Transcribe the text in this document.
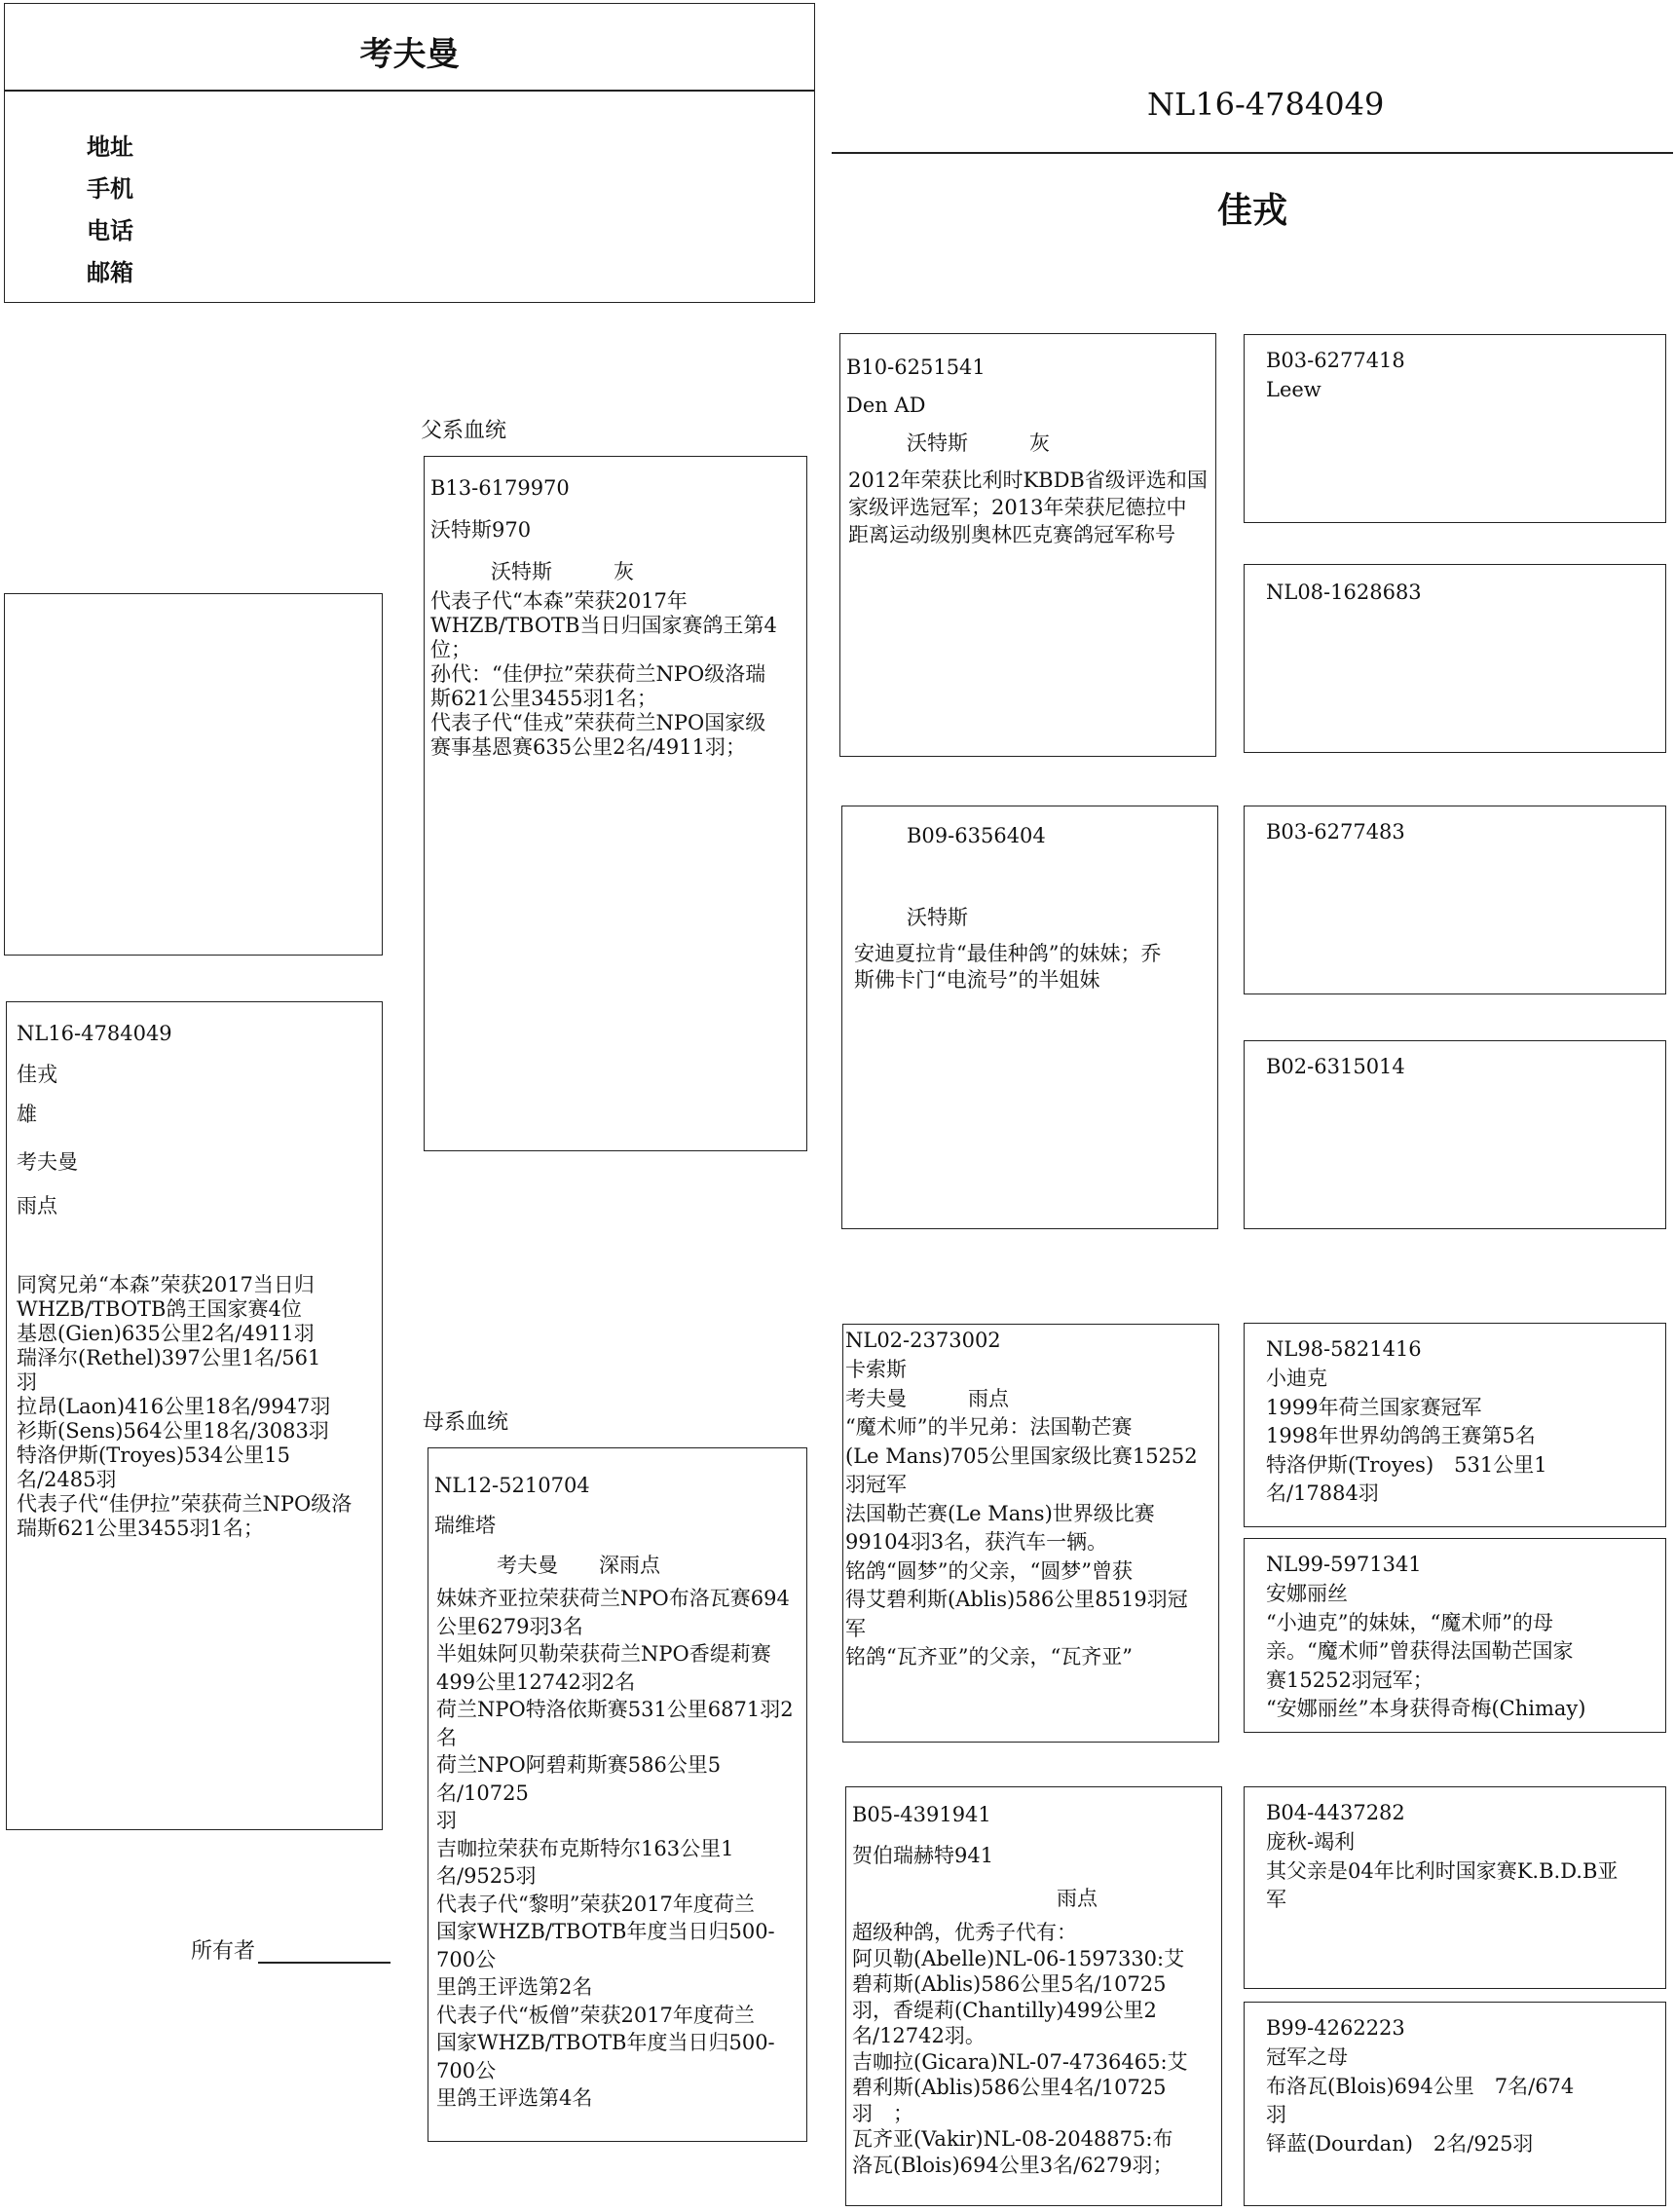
考夫曼
地址
手机
电话
邮箱
NL16-4784049
佳戎
NL16-4784049
佳戎
雄
考夫曼
雨点
同窝兄弟“本森”荣获2017当日归
WHZB/TBOTB鸽王国家赛4位
基恩(Gien)635公里2名/4911羽
瑞泽尔(Rethel)397公里1名/561
羽
拉昂(Laon)416公里18名/9947羽
衫斯(Sens)564公里18名/3083羽
特洛伊斯(Troyes)534公里15
名/2485羽
代表子代“佳伊拉”荣获荷兰NPO级洛
瑞斯621公里3455羽1名；
所有者
父系血统
母系血统
B13-6179970
沃特斯970
沃特斯　　　灰
代表子代“本森”荣获2017年
WHZB/TBOTB当日归国家赛鸽王第4位；
孙代：“佳伊拉”荣获荷兰NPO级洛瑞
斯621公里3455羽1名；
代表子代“佳戎”荣获荷兰NPO国家级
赛事基恩赛635公里2名/4911羽；
NL12-5210704
瑞维塔
考夫曼　　深雨点
妹妹齐亚拉荣获荷兰NPO布洛瓦赛694
公里6279羽3名
半姐妹阿贝勒荣获荷兰NPO香缇莉赛
499公里12742羽2名
荷兰NPO特洛依斯赛531公里6871羽2名
荷兰NPO阿碧莉斯赛586公里5名/10725
羽
吉咖拉荣获布克斯特尔163公里1
名/9525羽
代表子代“黎明”荣获2017年度荷兰
国家WHZB/TBOTB年度当日归500-700公
里鸽王评选第2名
代表子代“板僧”荣获2017年度荷兰
国家WHZB/TBOTB年度当日归500-700公
里鸽王评选第4名
B10-6251541
Den AD
沃特斯　　　灰
2012年荣获比利时KBDB省级评选和国
家级评选冠军；2013年荣获尼德拉中
距离运动级别奥林匹克赛鸽冠军称号
B09-6356404
沃特斯
安迪夏拉肯“最佳种鸽”的妹妹；乔
斯佛卡门“电流号”的半姐妹
NL02-2373002
卡索斯
考夫曼　　　雨点
“魔术师”的半兄弟：法国勒芒赛
(Le Mans)705公里国家级比赛15252
羽冠军
法国勒芒赛(Le Mans)世界级比赛
99104羽3名，获汽车一辆。
铭鸽“圆梦”的父亲，“圆梦”曾获
得艾碧利斯(Ablis)586公里8519羽冠
军
铭鸽“瓦齐亚”的父亲，“瓦齐亚”
B05-4391941
贺伯瑞赫特941
雨点
超级种鸽，优秀子代有：
阿贝勒(Abelle)NL-06-1597330:艾
碧莉斯(Ablis)586公里5名/10725
羽，香缇莉(Chantilly)499公里2
名/12742羽。
吉咖拉(Gicara)NL-07-4736465:艾
碧利斯(Ablis)586公里4名/10725
羽　；
瓦齐亚(Vakir)NL-08-2048875:布
洛瓦(Blois)694公里3名/6279羽；
B03-6277418
Leew
NL08-1628683
B03-6277483
B02-6315014
NL98-5821416
小迪克
1999年荷兰国家赛冠军
1998年世界幼鸽鸽王赛第5名
特洛伊斯(Troyes)　531公里1
名/17884羽
NL99-5971341
安娜丽丝
“小迪克”的妹妹，“魔术师”的母
亲。“魔术师”曾获得法国勒芒国家
赛15252羽冠军；
“安娜丽丝”本身获得奇梅(Chimay)
B04-4437282
庞秋-竭利
其父亲是04年比利时国家赛K.B.D.B亚
军
B99-4262223
冠军之母
布洛瓦(Blois)694公里　7名/674
羽
铎蓝(Dourdan)　2名/925羽
